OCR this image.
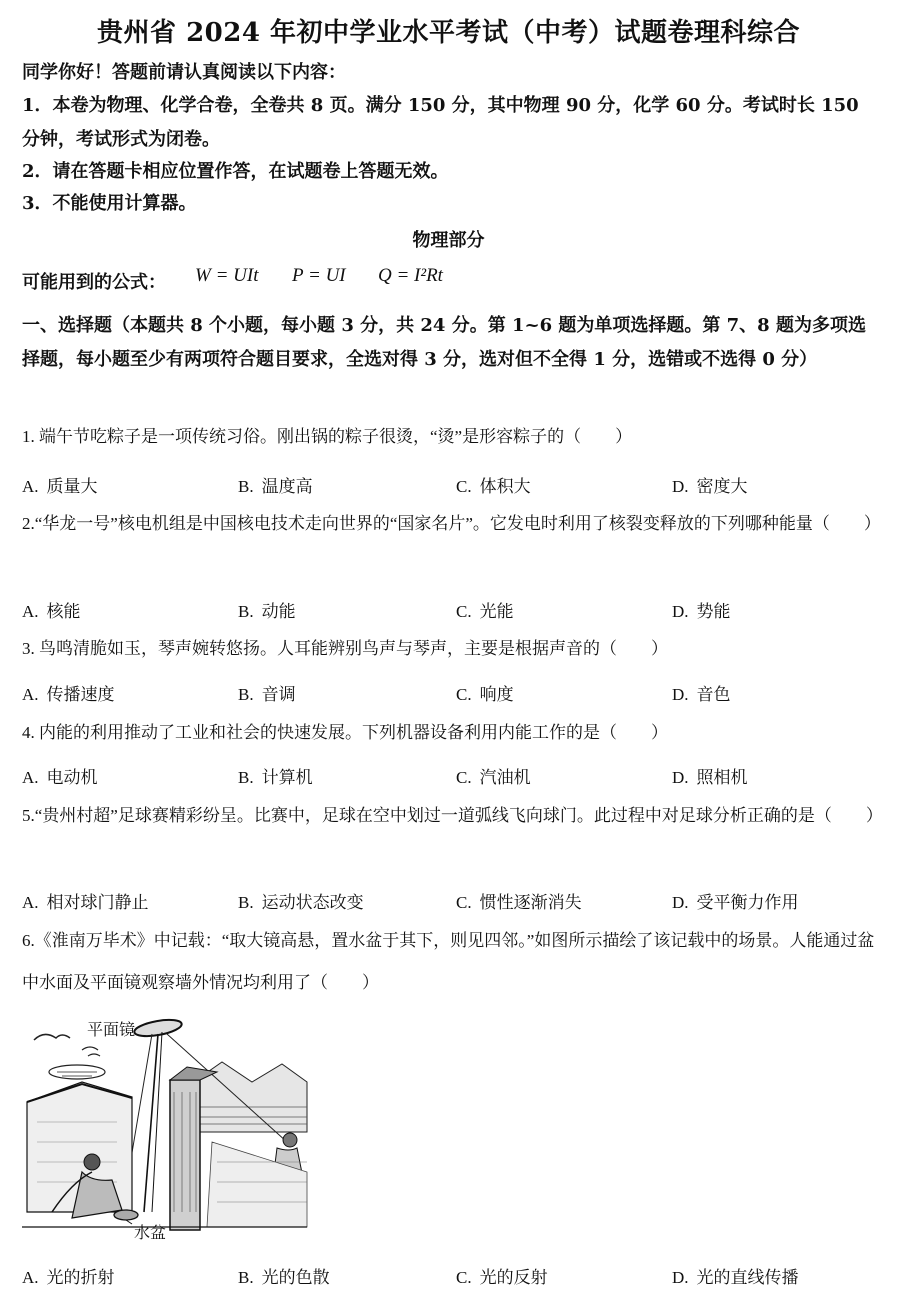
贵州省 2024 年初中学业水平考试（中考）试题卷理科综合
同学你好！答题前请认真阅读以下内容：
1．本卷为物理、化学合卷，全卷共 8 页。满分 150 分，其中物理 90 分，化学 60 分。考试时长 150 分钟，考试形式为闭卷。
2．请在答题卡相应位置作答，在试题卷上答题无效。
3．不能使用计算器。
物理部分
可能用到的公式： W = UIt P = UI Q = I²Rt
一、选择题（本题共 8 个小题，每小题 3 分，共 24 分。第 1~6 题为单项选择题。第 7、8 题为多项选择题，每小题至少有两项符合题目要求，全选对得 3 分，选对但不全得 1 分，选错或不选得 0 分）
1. 端午节吃粽子是一项传统习俗。刚出锅的粽子很烫，“烫”是形容粽子的（　　）
A. 质量大	B. 温度高	C. 体积大	D. 密度大
2.“华龙一号”核电机组是中国核电技术走向世界的“国家名片”。它发电时利用了核裂变释放的下列哪种能量（　　）
A. 核能	B. 动能	C. 光能	D. 势能
3. 鸟鸣清脆如玉，琴声婉转悠扬。人耳能辨别鸟声与琴声，主要是根据声音的（　　）
A. 传播速度	B. 音调	C. 响度	D. 音色
4. 内能的利用推动了工业和社会的快速发展。下列机器设备利用内能工作的是（　　）
A. 电动机	B. 计算机	C. 汽油机	D. 照相机
5.“贵州村超”足球赛精彩纷呈。比赛中，足球在空中划过一道弧线飞向球门。此过程中对足球分析正确的是（　　）
A. 相对球门静止	B. 运动状态改变	C. 惯性逐渐消失	D. 受平衡力作用
6.《淮南万毕术》中记载：“取大镜高悬，置水盆于其下，则见四邻。”如图所示描绘了该记载中的场景。人能通过盆中水面及平面镜观察墙外情况均利用了（　　）
平面镜
水盆
A. 光的折射	B. 光的色散	C. 光的反射	D. 光的直线传播
